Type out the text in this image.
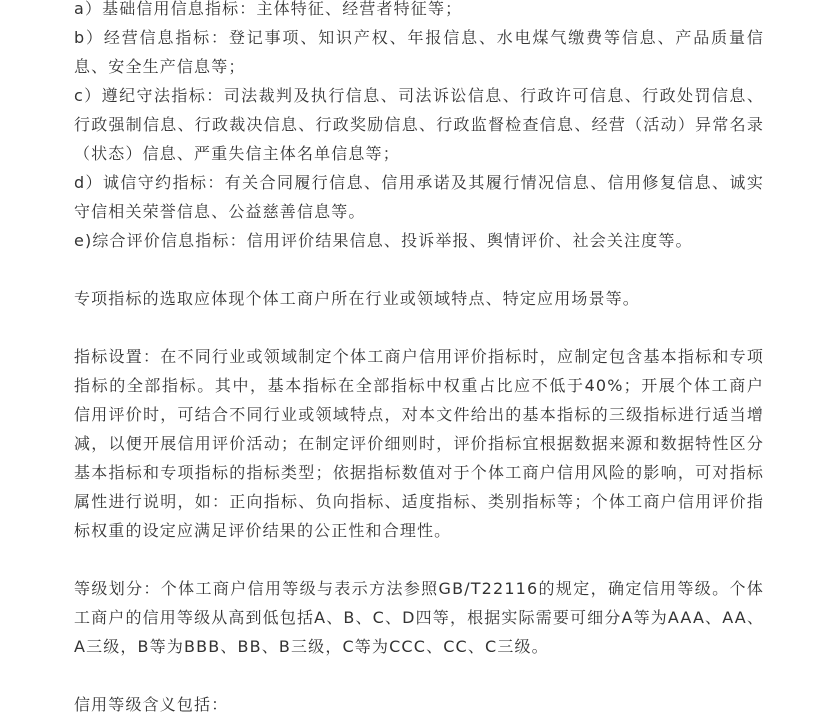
a）基础信用信息指标：主体特征、经营者特征等；

b）经营信息指标：登记事项、知识产权、年报信息、水电煤气缴费等信息、产品质量信息、安全生产信息等；

c）遵纪守法指标：司法裁判及执行信息、司法诉讼信息、行政许可信息、行政处罚信息、行政强制信息、行政裁决信息、行政奖励信息、行政监督检查信息、经营（活动）异常名录（状态）信息、严重失信主体名单信息等；

d）诚信守约指标：有关合同履行信息、信用承诺及其履行情况信息、信用修复信息、诚实守信相关荣誉信息、公益慈善信息等。

e)综合评价信息指标：信用评价结果信息、投诉举报、舆情评价、社会关注度等。

专项指标的选取应体现个体工商户所在行业或领域特点、特定应用场景等。

指标设置：在不同行业或领域制定个体工商户信用评价指标时，应制定包含基本指标和专项指标的全部指标。其中，基本指标在全部指标中权重占比应不低于40%；开展个体工商户信用评价时，可结合不同行业或领域特点，对本文件给出的基本指标的三级指标进行适当增减，以便开展信用评价活动；在制定评价细则时，评价指标宜根据数据来源和数据特性区分基本指标和专项指标的指标类型；依据指标数值对于个体工商户信用风险的影响，可对指标属性进行说明，如：正向指标、负向指标、适度指标、类别指标等；个体工商户信用评价指标权重的设定应满足评价结果的公正性和合理性。

等级划分：个体工商户信用等级与表示方法参照GB/T22116的规定，确定信用等级。个体工商户的信用等级从高到低包括A、B、C、D四等，根据实际需要可细分A等为AAA、AA、A三级，B等为BBB、BB、B三级，C等为CCC、CC、C三级。

信用等级含义包括：
